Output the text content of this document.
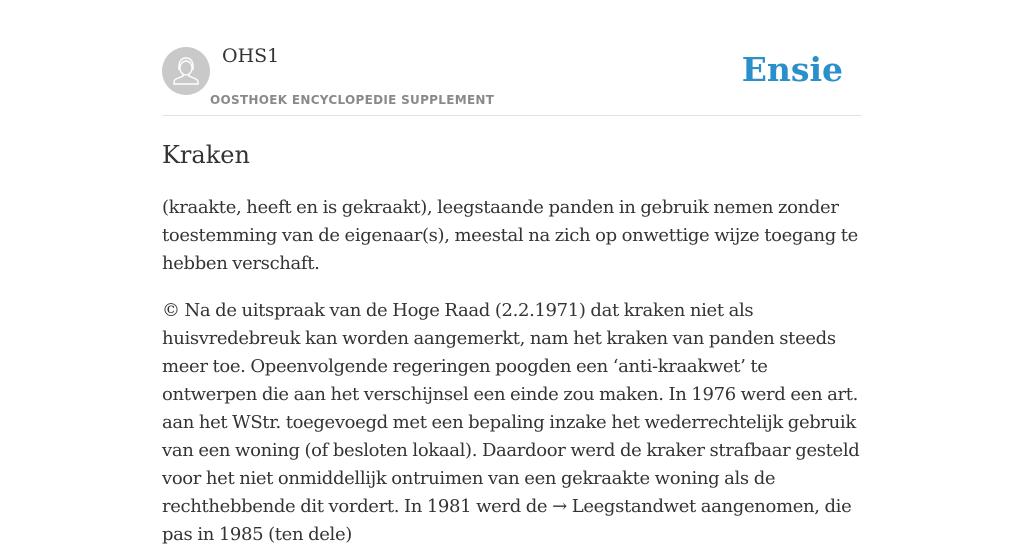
OHS1
OOSTHOEK ENCYCLOPEDIE SUPPLEMENT
Ensie
Kraken

(kraakte, heeft en is gekraakt), leegstaande panden in gebruik nemen zonder toestemming van de eigenaar(s), meestal na zich op onwettige wijze toegang te hebben verschaft.

© Na de uitspraak van de Hoge Raad (2.2.1971) dat kraken niet als huisvredebreuk kan worden aangemerkt, nam het kraken van panden steeds meer toe. Opeenvolgende regeringen poogden een ‘anti-kraakwet’ te ontwerpen die aan het verschijnsel een einde zou maken. In 1976 werd een art. aan het WStr. toegevoegd met een bepaling inzake het wederrechtelijk gebruik van een woning (of besloten lokaal). Daardoor werd de kraker strafbaar gesteld voor het niet onmiddellijk ontruimen van een gekraakte woning als de rechthebbende dit vordert. In 1981 werd de → Leegstandwet aangenomen, die pas in 1985 (ten dele)
